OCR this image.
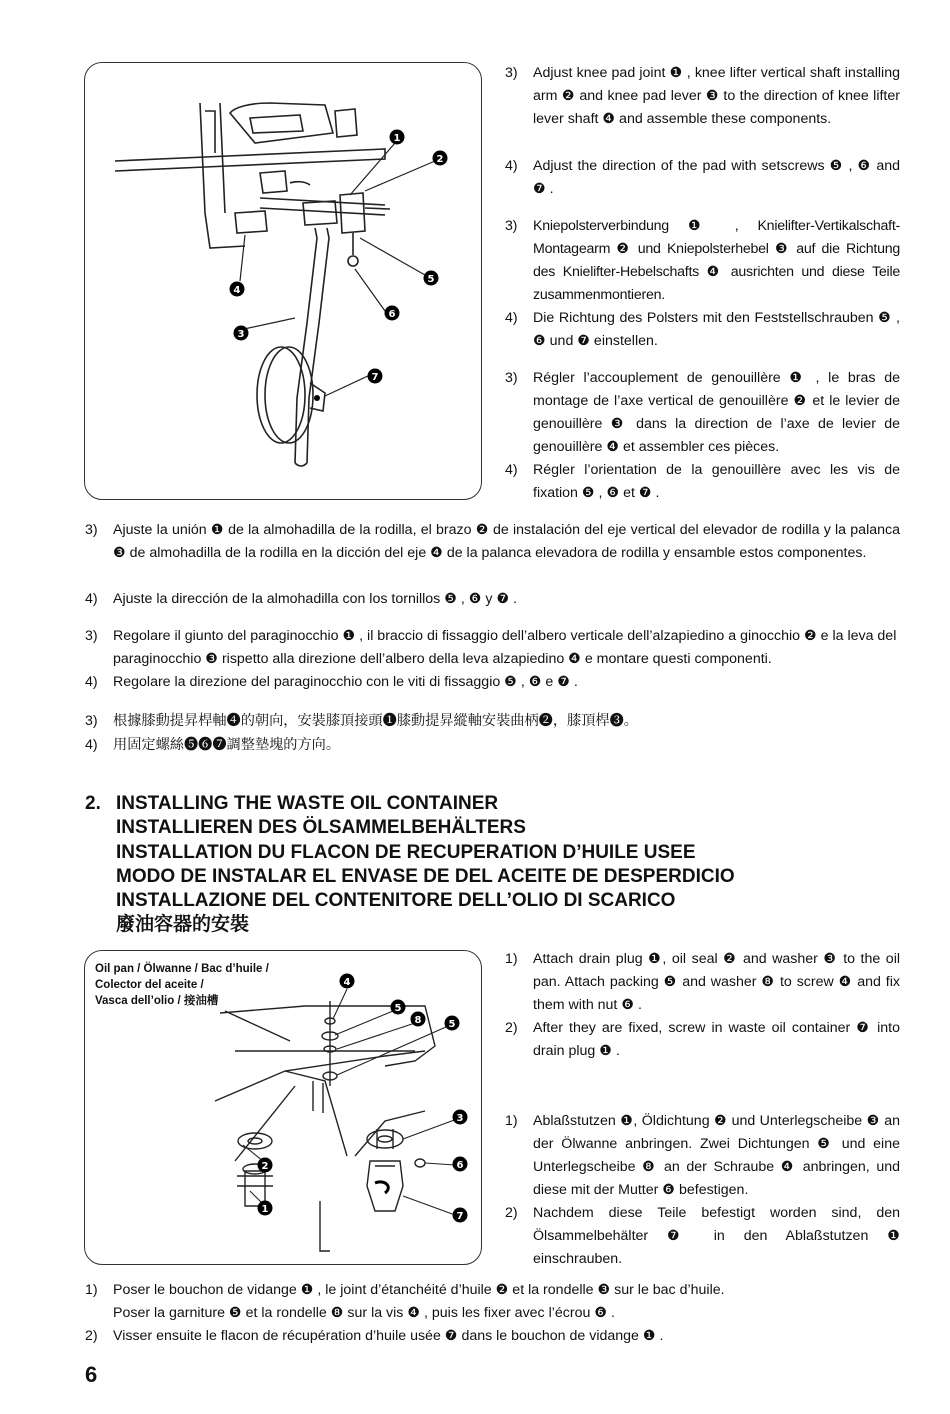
1
2
3
4
5
6
7
3) Adjust knee pad joint ❶ , knee lifter vertical shaft installing arm ❷ and knee pad lever ❸ to the direction of knee lifter lever shaft ❹ and assemble these components.
4) Adjust the direction of the pad with setscrews ❺ , ❻ and ❼ .
3) Kniepolsterverbindung ❶ , Knielifter-Vertikalschaft-Montagearm ❷ und Kniepolsterhebel ❸ auf die Richtung des Knielifter-Hebelschafts ❹ ausrichten und diese Teile zusammenmontieren.
4) Die Richtung des Polsters mit den Feststellschrauben ❺ , ❻ und ❼ einstellen.
3) Régler l’accouplement de genouillère ❶ , le bras de montage de l’axe vertical de genouillère ❷ et le levier de genouillère ❸ dans la direction de l’axe de levier de genouillère ❹ et assembler ces pièces.
4) Régler l’orientation de la genouillère avec les vis de fixation ❺ , ❻ et ❼ .
3) Ajuste la unión ❶ de la almohadilla de la rodilla, el brazo ❷ de instalación del eje vertical del elevador de rodilla y la palanca ❸ de almohadilla de la rodilla en la dicción del eje ❹ de la palanca elevadora de rodilla y ensamble estos componentes.
4) Ajuste la dirección de la almohadilla con los tornillos ❺ , ❻ y ❼ .
3) Regolare il giunto del paraginocchio ❶ , il braccio di fissaggio dell’albero verticale dell’alzapiedino a ginocchio ❷ e la leva del paraginocchio ❸ rispetto alla direzione dell’albero della leva alzapiedino ❹ e montare questi componenti.
4) Regolare la direzione del paraginocchio con le viti di fissaggio ❺ , ❻ e ❼ .
3) 根據膝動提昇桿軸❹的朝向，安裝膝頂接頭❶膝動提昇縱軸安裝曲柄❷，膝頂桿❸。
4) 用固定螺絲❺❻❼調整墊塊的方向。
2. INSTALLING THE WASTE OIL CONTAINER
INSTALLIEREN DES ÖLSAMMELBEHÄLTERS
INSTALLATION DU FLACON DE RECUPERATION D’HUILE USEE
MODO DE INSTALAR EL ENVASE DE DEL ACEITE DE DESPERDICIO
INSTALLAZIONE DEL CONTENITORE DELL’OLIO DI SCARICO
廢油容器的安裝
Oil pan / Ölwanne / Bac d’huile /
Colector del aceite /
Vasca dell’olio / 接油槽
4
5
8	5
3
2	6
1
7
1) Attach drain plug ❶, oil seal ❷ and washer ❸ to the oil pan. Attach packing ❺ and washer ❽ to screw ❹ and fix them with nut ❻ .
2) After they are fixed, screw in waste oil container ❼ into drain plug ❶ .
1) Ablaßstutzen ❶, Öldichtung ❷ und Unterlegscheibe ❸ an der Ölwanne anbringen. Zwei Dichtungen ❺ und eine Unterlegscheibe ❽ an der Schraube ❹ anbringen, und diese mit der Mutter ❻ befestigen.
2) Nachdem diese Teile befestigt worden sind, den Ölsammelbehälter ❼ in den Ablaßstutzen ❶ einschrauben.
1) Poser le bouchon de vidange ❶ , le joint d’étanchéité d’huile ❷ et la rondelle ❸ sur le bac d’huile.
Poser la garniture ❺ et la rondelle ❽ sur la vis ❹ , puis les fixer avec l’écrou ❻ .
2) Visser ensuite le flacon de récupération d’huile usée ❼ dans le bouchon de vidange ❶ .
6
